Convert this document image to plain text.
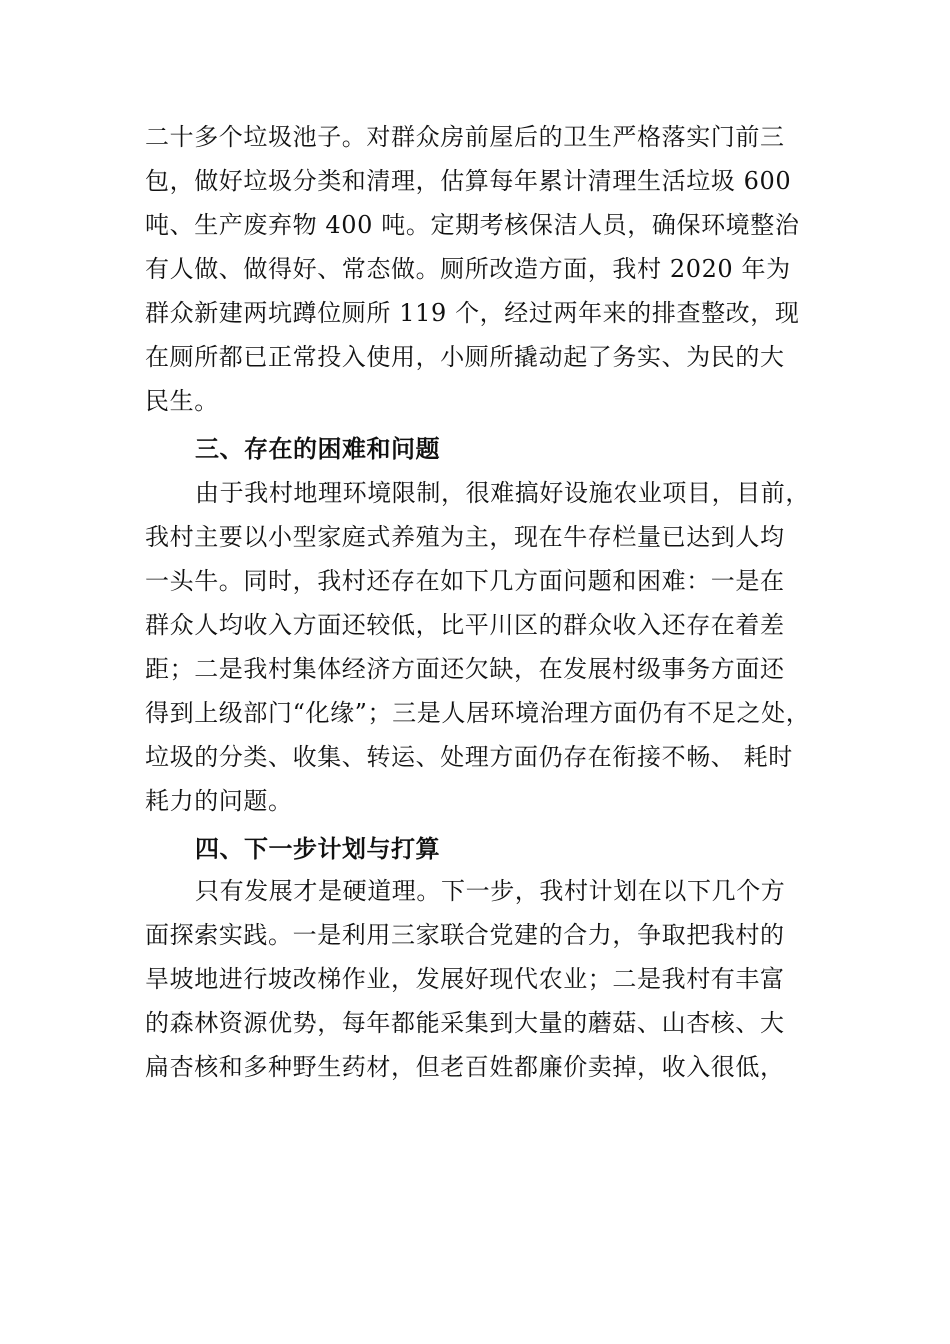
二十多个垃圾池子。对群众房前屋后的卫生严格落实门前三

包，做好垃圾分类和清理，估算每年累计清理生活垃圾 600

吨、生产废弃物 400 吨。定期考核保洁人员，确保环境整治

有人做、做得好、常态做。厕所改造方面，我村 2020 年为

群众新建两坑蹲位厕所 119 个，经过两年来的排查整改，现

在厕所都已正常投入使用，小厕所撬动起了务实、为民的大

民生。

三、存在的困难和问题

由于我村地理环境限制，很难搞好设施农业项目，目前，

我村主要以小型家庭式养殖为主，现在牛存栏量已达到人均

一头牛。同时，我村还存在如下几方面问题和困难：一是在

群众人均收入方面还较低，比平川区的群众收入还存在着差

距；二是我村集体经济方面还欠缺，在发展村级事务方面还

得到上级部门“化缘”；三是人居环境治理方面仍有不足之处，

垃圾的分类、收集、转运、处理方面仍存在衔接不畅、 耗时

耗力的问题。

四、下一步计划与打算

只有发展才是硬道理。下一步，我村计划在以下几个方

面探索实践。一是利用三家联合党建的合力，争取把我村的

旱坡地进行坡改梯作业，发展好现代农业；二是我村有丰富

的森林资源优势，每年都能采集到大量的蘑菇、山杏核、大

扁杏核和多种野生药材，但老百姓都廉价卖掉，收入很低，
